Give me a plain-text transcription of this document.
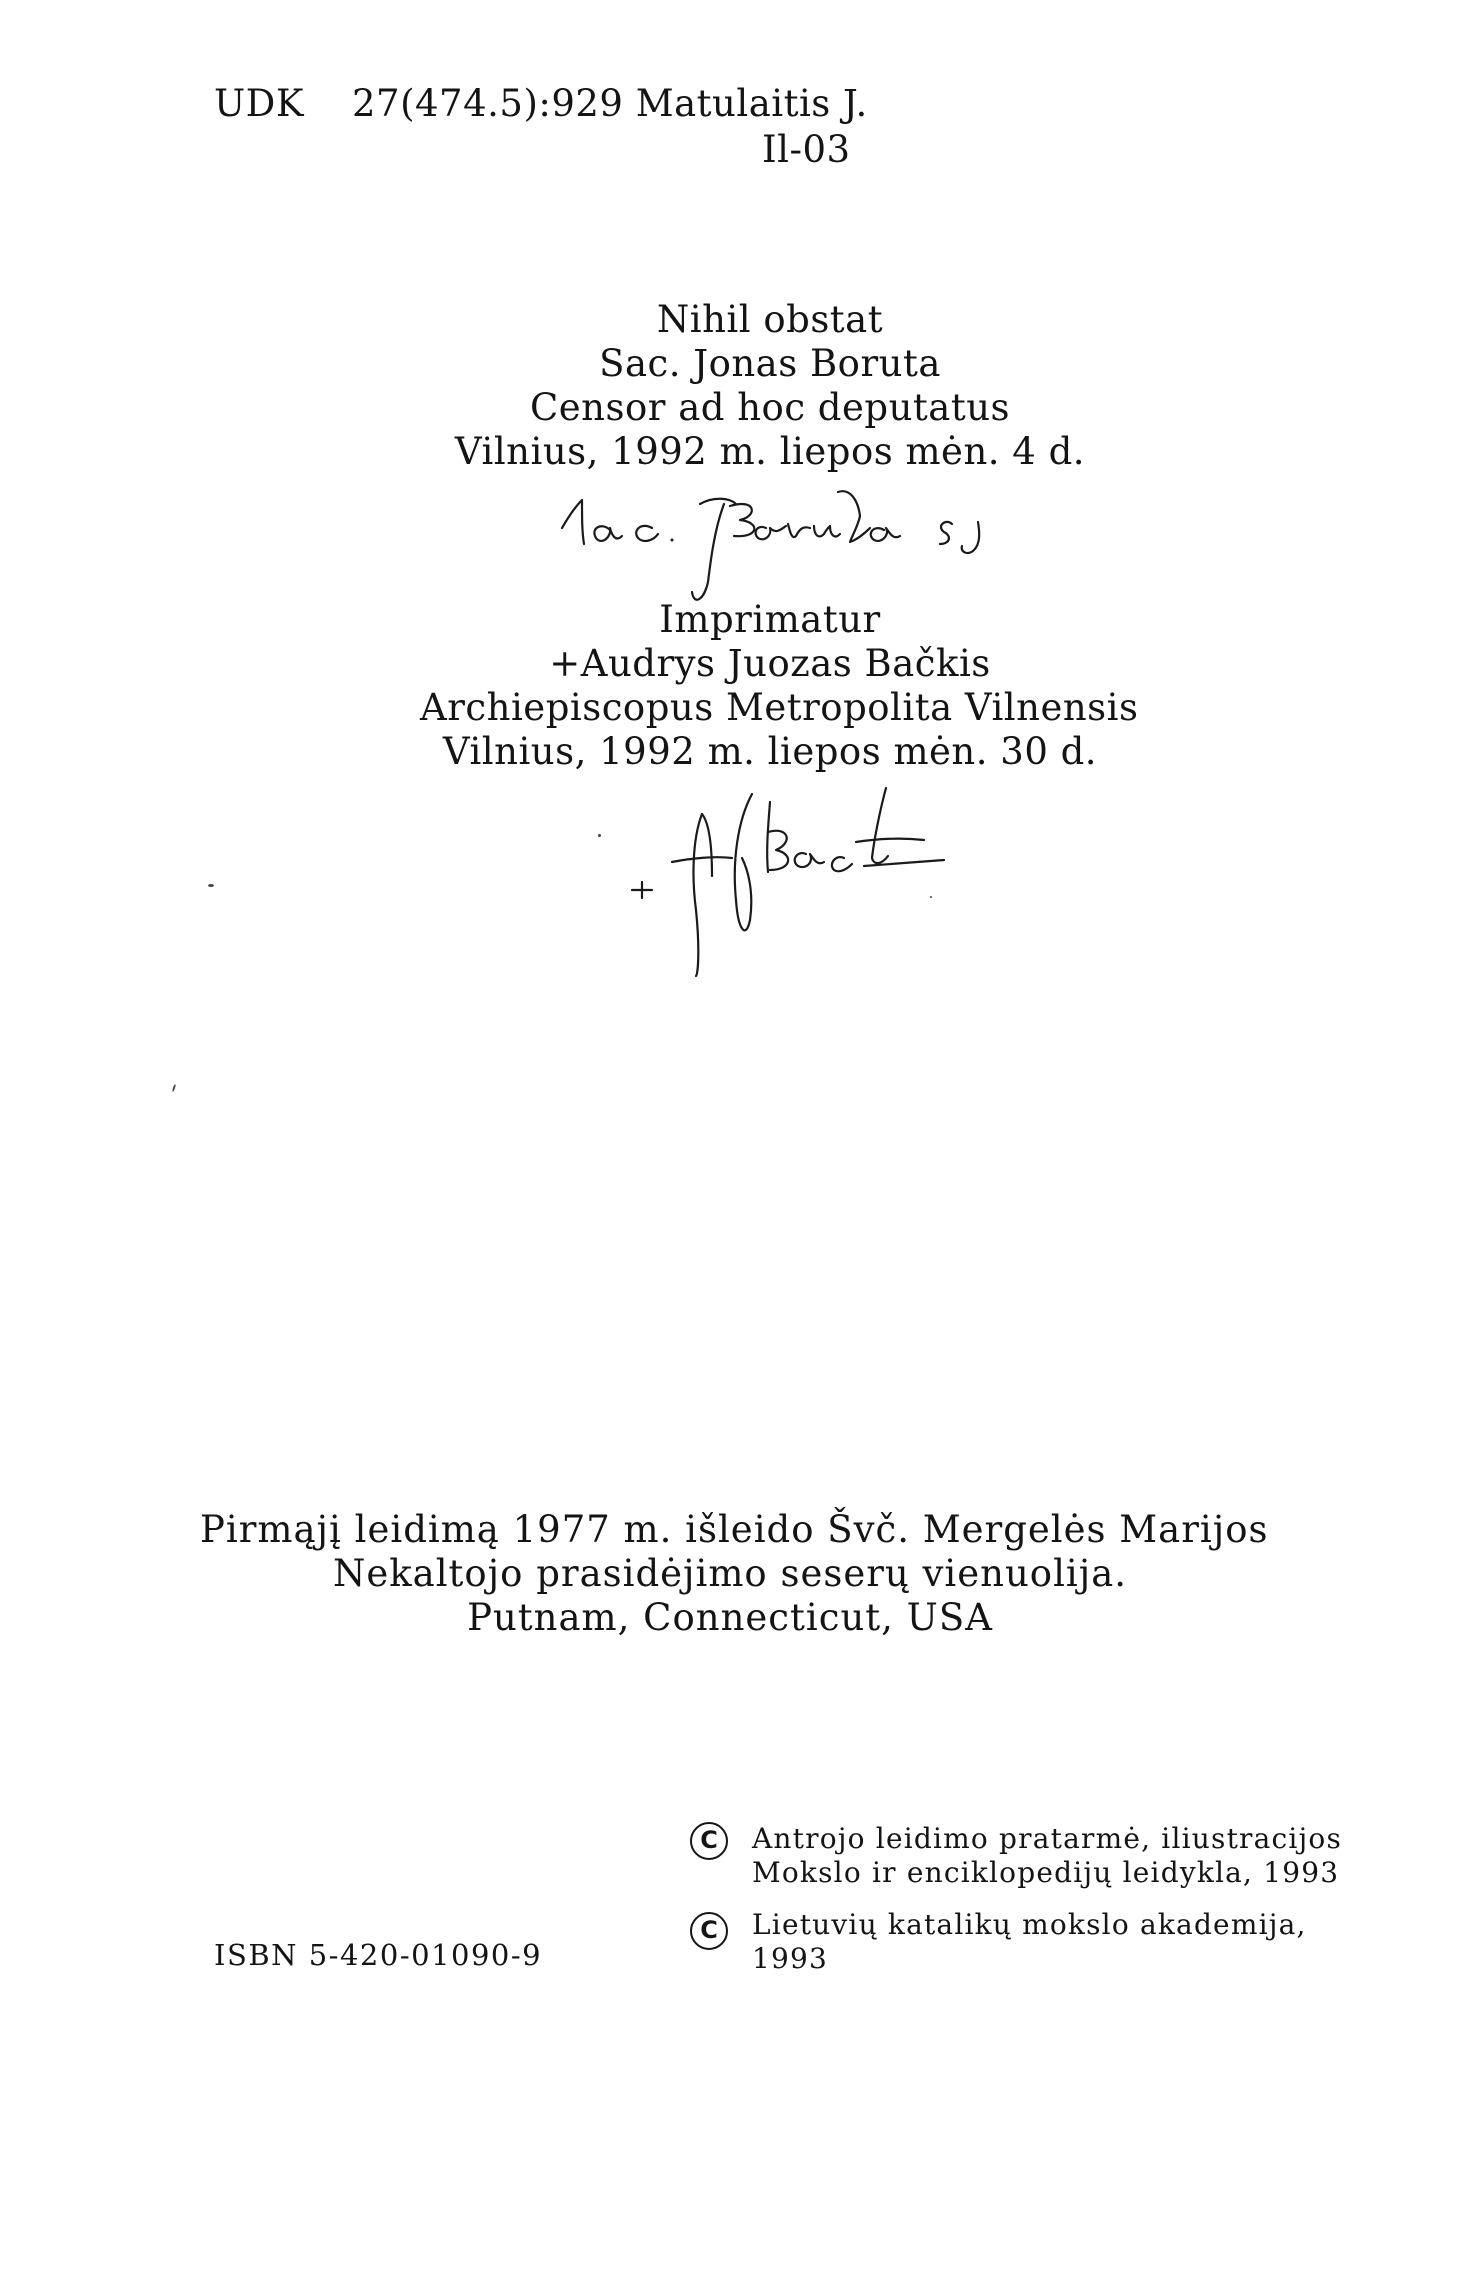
UDK 27(474.5):929 Matulaitis J.
Il-03
Nihil obstat
Sac. Jonas Boruta
Censor ad hoc deputatus
Vilnius, 1992 m. liepos mėn. 4 d.
Imprimatur
+Audrys Juozas Bačkis
Archiepiscopus Metropolita Vilnensis
Vilnius, 1992 m. liepos mėn. 30 d.
Pirmąjį leidimą 1977 m. išleido Švč. Mergelės Marijos
Nekaltojo prasidėjimo seserų vienuolija.
Putnam, Connecticut, USA
C	Antrojo leidimo pratarmė, iliustracijos
Mokslo ir enciklopedijų leidykla, 1993
C	Lietuvių katalikų mokslo akademija,
1993
ISBN 5-420-01090-9
